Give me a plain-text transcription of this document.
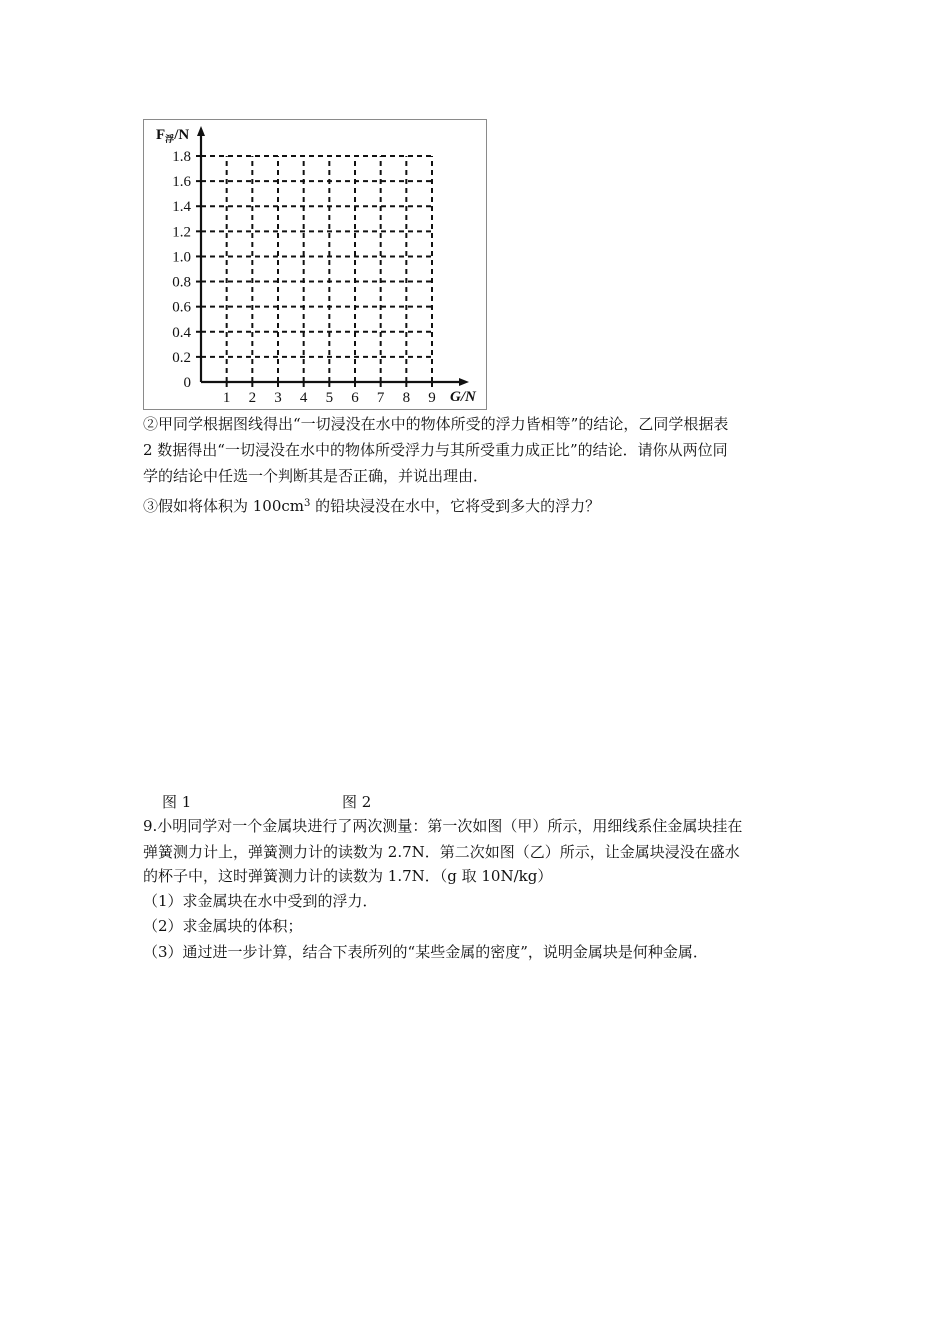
$F_浮/N$
G/N
0
0.2
0.4
0.6
0.8
1.0
1.2
1.4
1.6
1.8
1 2 3 4 5 6 7 8 9
②甲同学根据图线得出“一切浸没在水中的物体所受的浮力皆相等”的结论，乙同学根据表
2 数据得出“一切浸没在水中的物体所受浮力与其所受重力成正比”的结论．请你从两位同
学的结论中任选一个判断其是否正确，并说出理由．
③假如将体积为 $100cm^3$ 的铅块浸没在水中，它将受到多大的浮力？
图 1	图 2
9.小明同学对一个金属块进行了两次测量：第一次如图（甲）所示，用细线系住金属块挂在
弹簧测力计上，弹簧测力计的读数为 2.7N．第二次如图（乙）所示，让金属块浸没在盛水
的杯子中，这时弹簧测力计的读数为 1.7N．（g 取 10N/kg）
（1）求金属块在水中受到的浮力．
（2）求金属块的体积；
（3）通过进一步计算，结合下表所列的“某些金属的密度”，说明金属块是何种金属．
